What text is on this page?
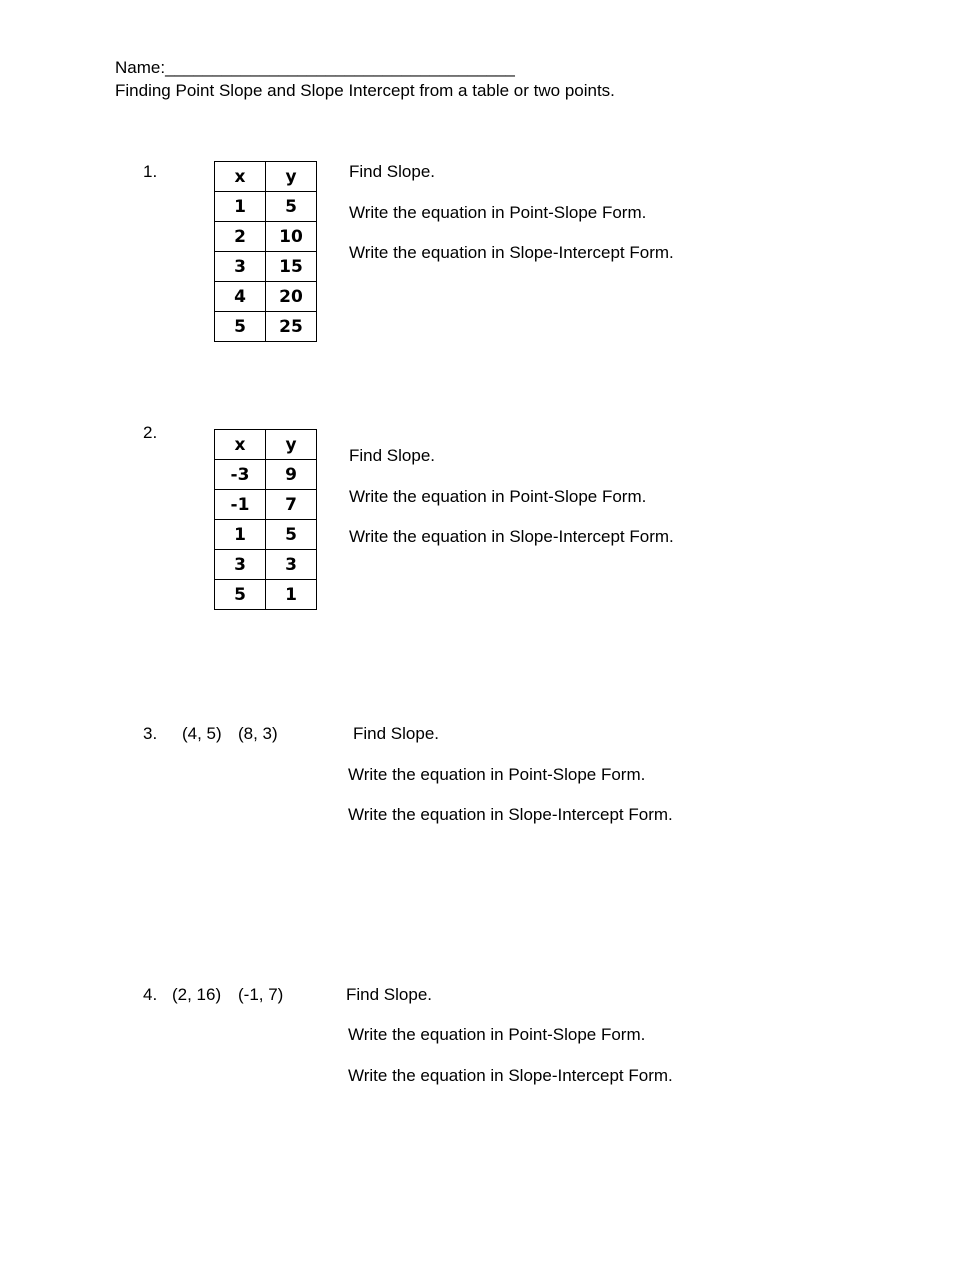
Name:_____________________________________
Finding Point Slope and Slope Intercept from a table or two points.
1.	x	y
1	5
2	10
3	15
4	20
5	25
Find Slope.
Write the equation in Point-Slope Form.
Write the equation in Slope-Intercept Form.
2.
x	y
-3	9
-1	7
1	5
3	3
5	1
Find Slope.
Write the equation in Point-Slope Form.
Write the equation in Slope-Intercept Form.
3. (4, 5) (8, 3)	Find Slope.
Write the equation in Point-Slope Form.
Write the equation in Slope-Intercept Form.
4. (2, 16) (-1, 7)	Find Slope.
Write the equation in Point-Slope Form.
Write the equation in Slope-Intercept Form.
